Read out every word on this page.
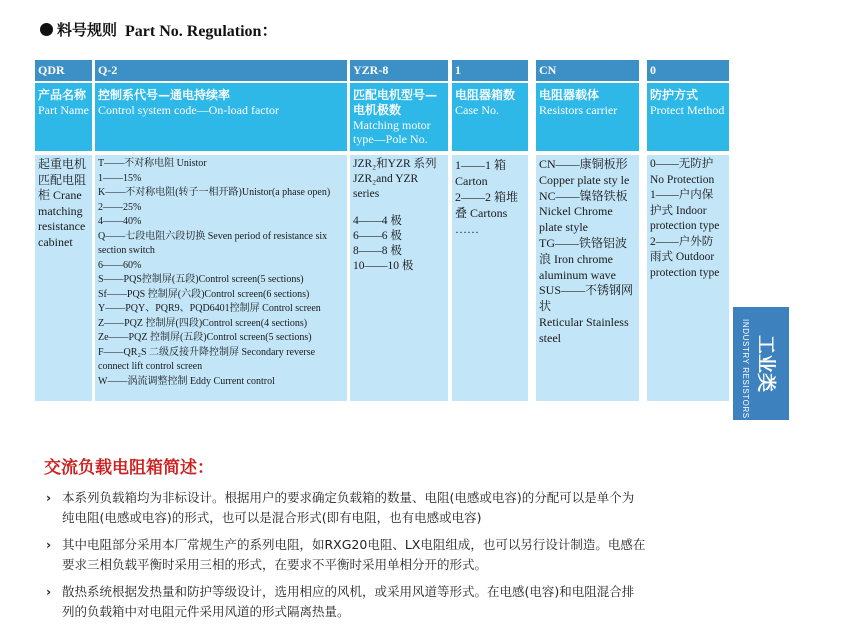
料号规则 Part No. Regulation：
QDR
产品名称
Part Name
起重电机匹配电阻柜 Crane matching resistance cabinet
Q-2
控制系代号—通电持续率
Control system code—On-load factor
T——不对称电阻 Unistor
1——15%
K——不对称电阻(转子一相开路)Unistor(a phase open)
2——25%
4——40%
Q——七段电阻六段切换 Seven period of resistance six section switch
6——60%
S——PQS控制屏(五段)Control screen(5 sections)
Sf——PQS 控制屏(六段)Control screen(6 sections)
Y——PQY、PQR9、PQD6401控制屏 Control screen
Z——PQZ 控制屏(四段)Control screen(4 sections)
Ze——PQZ 控制屏(五段)Control screen(5 sections)
F——QR₂S 二级反接升降控制屏 Secondary reverse connect lift control screen
W——涡流调整控制 Eddy Current control
YZR-8
匹配电机型号—电机极数
Matching motor type—Pole No.
JZR₂和YZR 系列
JZR₂and YZR
series
4——4 极
6——6 极
8——8 极
10——10 极
1
电阻器箱数
Case No.
1——1 箱
Carton
2——2 箱堆
叠 Cartons
……
CN
电阻器载体
Resistors carrier
CN——康铜板形
Copper plate sty le
NC——镍铬铁板
Nickel Chrome
plate style
TG——铁铬铝波
浪 Iron chrome
aluminum wave
SUS——不锈钢网
状
Reticular Stainless
steel
0
防护方式
Protect Method
0——无防护
No Protection
1——户内保
护式 Indoor
protection type
2——户外防
雨式 Outdoor
protection type
工业类
INDUSTRY RESISTORS
交流负载电阻箱简述：
› 本系列负载箱均为非标设计。根据用户的要求确定负载箱的数量、电阻(电感或电容)的分配可以是单个为纯电阻(电感或电容)的形式，也可以是混合形式(即有电阻，也有电感或电容)
› 其中电阻部分采用本厂常规生产的系列电阻，如RXG20电阻、LX电阻组成，也可以另行设计制造。电感在要求三相负载平衡时采用三相的形式，在要求不平衡时采用单相分开的形式。
› 散热系统根据发热量和防护等级设计，选用相应的风机，或采用风道等形式。在电感(电容)和电阻混合排列的负载箱中对电阻元件采用风道的形式隔离热量。
